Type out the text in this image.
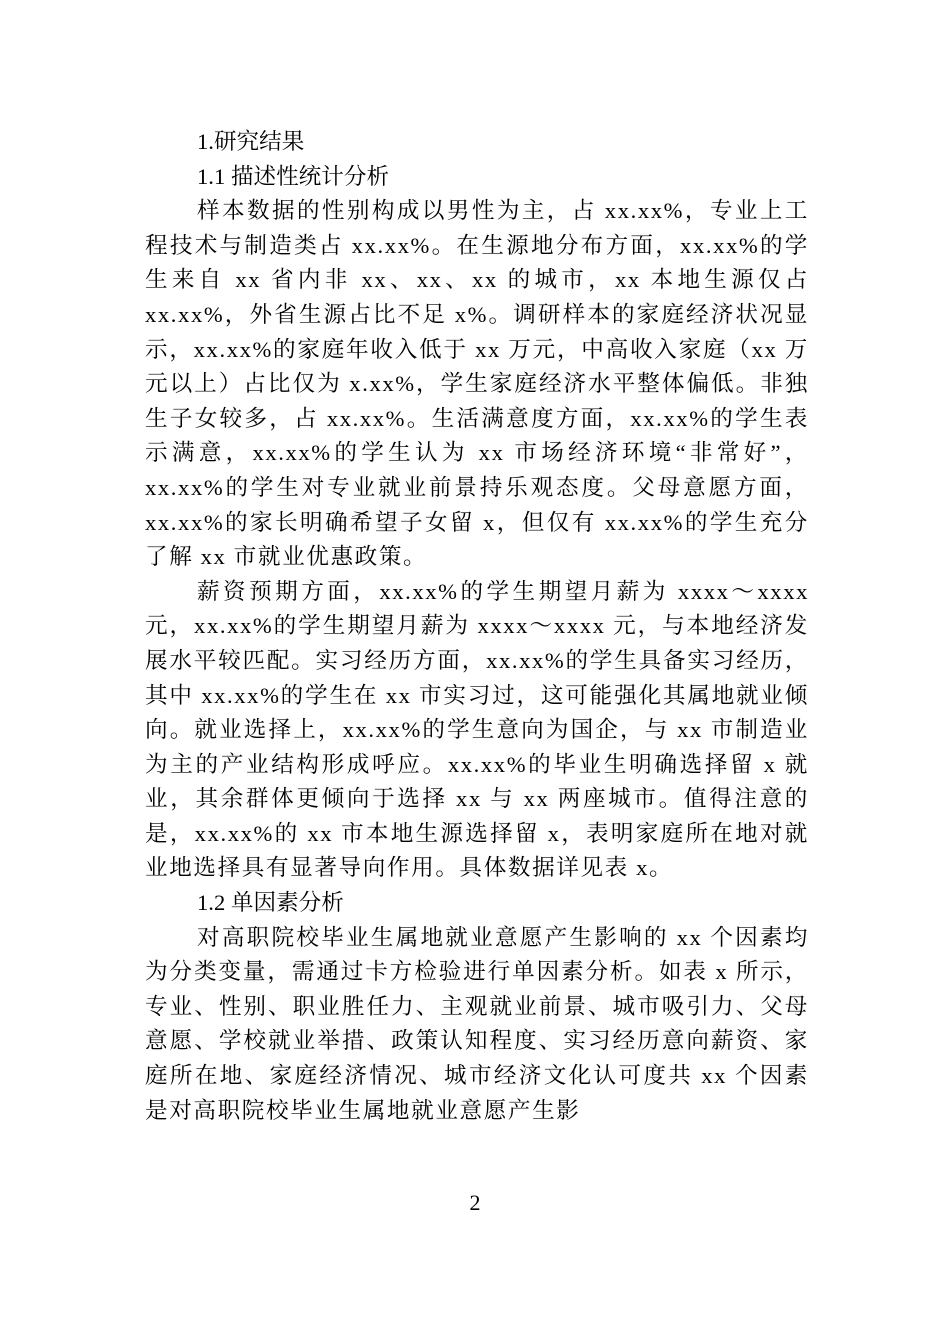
1.研究结果
1.1 描述性统计分析

样本数据的性别构成以男性为主，占 xx.xx%，专业上工程技术与制造类占 xx.xx%。在生源地分布方面，xx.xx%的学生来自 xx 省内非 xx、xx、xx 的城市，xx 本地生源仅占 xx.xx%，外省生源占比不足 x%。调研样本的家庭经济状况显示，xx.xx%的家庭年收入低于 xx 万元，中高收入家庭（xx 万元以上）占比仅为 x.xx%，学生家庭经济水平整体偏低。非独生子女较多，占 xx.xx%。生活满意度方面，xx.xx%的学生表示满意，xx.xx%的学生认为 xx 市场经济环境“非常好”，xx.xx%的学生对专业就业前景持乐观态度。父母意愿方面，xx.xx%的家长明确希望子女留 x，但仅有 xx.xx%的学生充分了解 xx 市就业优惠政策。

薪资预期方面，xx.xx%的学生期望月薪为 xxxx～xxxx 元，xx.xx%的学生期望月薪为 xxxx～xxxx 元，与本地经济发展水平较匹配。实习经历方面，xx.xx%的学生具备实习经历，其中 xx.xx%的学生在 xx 市实习过，这可能强化其属地就业倾向。就业选择上，xx.xx%的学生意向为国企，与 xx 市制造业为主的产业结构形成呼应。xx.xx%的毕业生明确选择留 x 就业，其余群体更倾向于选择 xx 与 xx 两座城市。值得注意的是，xx.xx%的 xx 市本地生源选择留 x，表明家庭所在地对就业地选择具有显著导向作用。具体数据详见表 x。

1.2 单因素分析

对高职院校毕业生属地就业意愿产生影响的 xx 个因素均为分类变量，需通过卡方检验进行单因素分析。如表 x 所示，专业、性别、职业胜任力、主观就业前景、城市吸引力、父母意愿、学校就业举措、政策认知程度、实习经历意向薪资、家庭所在地、家庭经济情况、城市经济文化认可度共 xx 个因素是对高职院校毕业生属地就业意愿产生影

2
